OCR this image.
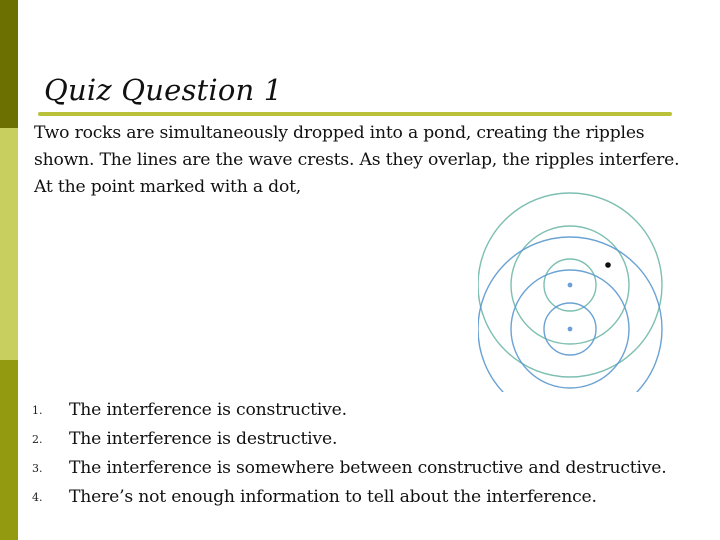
Quiz Question 1

Two rocks are simultaneously dropped into a pond, creating the ripples shown. The lines are the wave crests. As they overlap, the ripples interfere. At the point marked with a dot,

1.	The interference is constructive.
2.	The interference is destructive.
3.	The interference is somewhere between constructive and destructive.
4.	There’s not enough information to tell about the interference.
